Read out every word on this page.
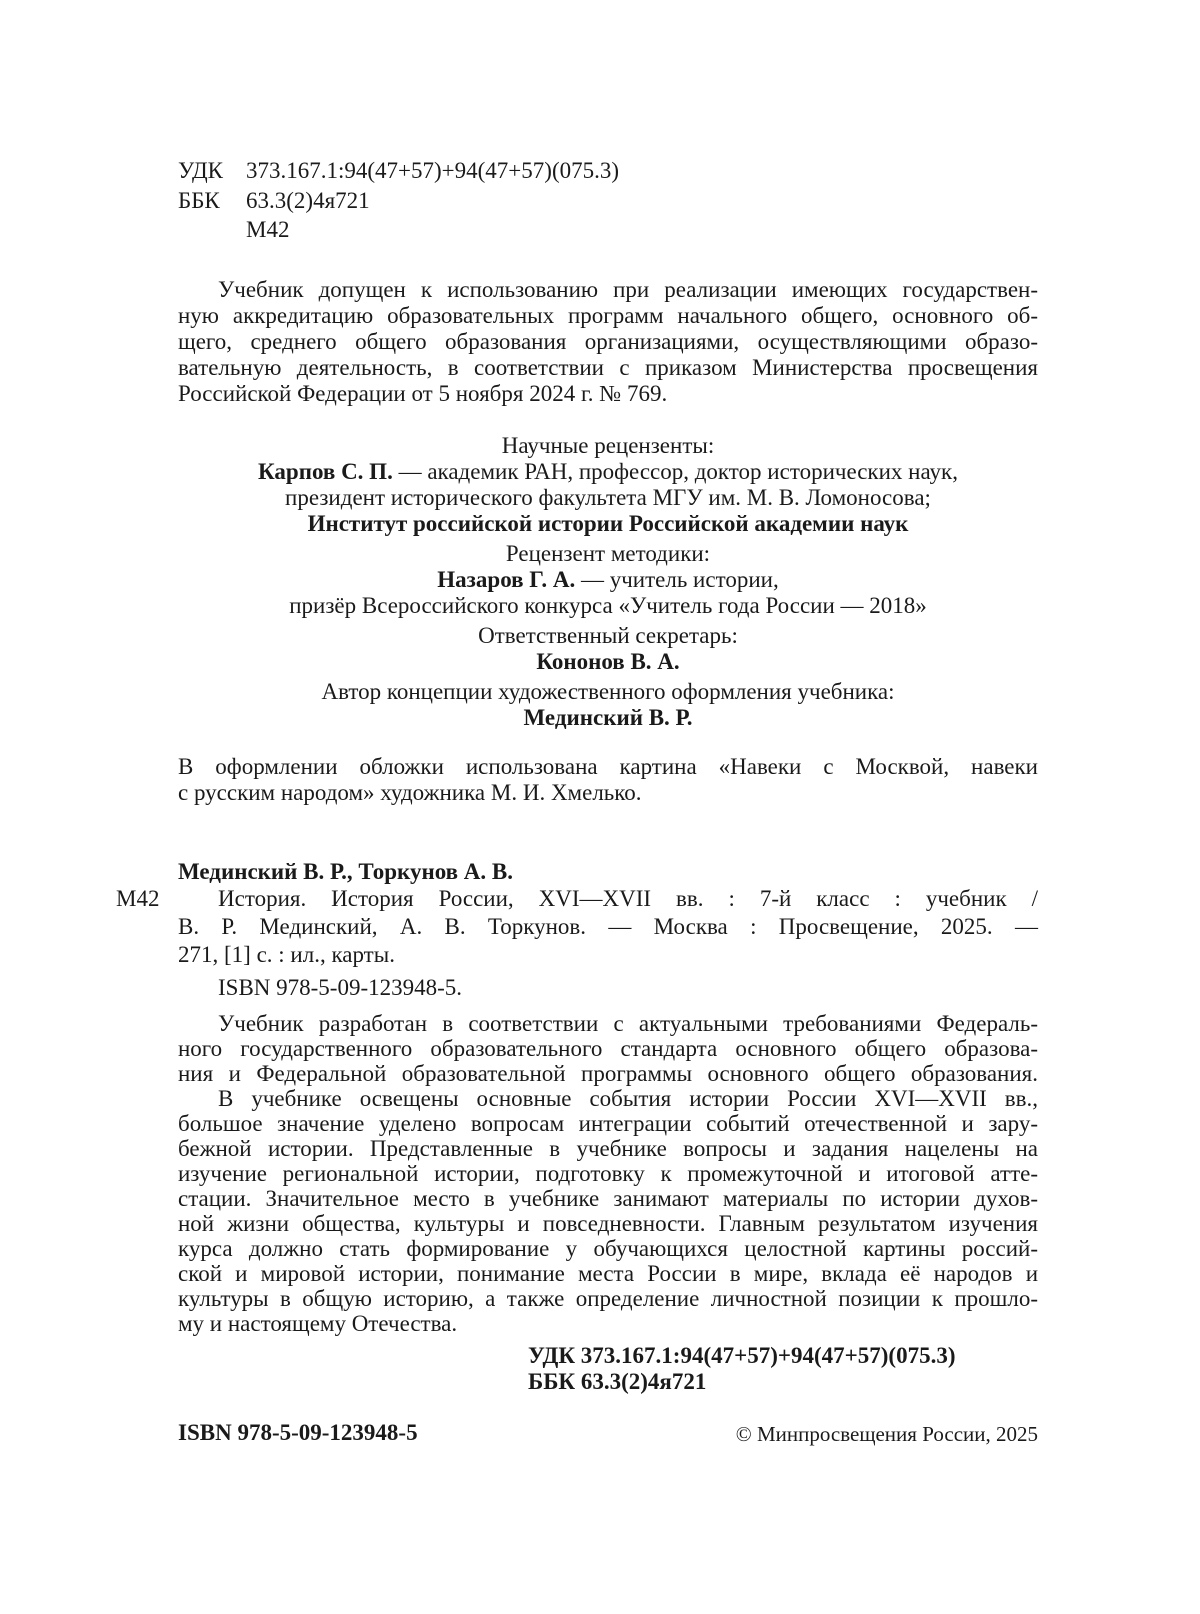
УДК 373.167.1:94(47+57)+94(47+57)(075.3)
ББК 63.3(2)4я721
М42
Учебник допущен к использованию при реализации имеющих государствен-
ную аккредитацию образовательных программ начального общего, основного об-
щего, среднего общего образования организациями, осуществляющими образо-
вательную деятельность, в соответствии с приказом Министерства просвещения
Российской Федерации от 5 ноября 2024 г. № 769.
Научные рецензенты:
Карпов С. П. — академик РАН, профессор, доктор исторических наук,
президент исторического факультета МГУ им. М. В. Ломоносова;
Институт российской истории Российской академии наук
Рецензент методики:
Назаров Г. А. — учитель истории,
призёр Всероссийского конкурса «Учитель года России — 2018»
Ответственный секретарь:
Кононов В. А.
Автор концепции художественного оформления учебника:
Мединский В. Р.
В оформлении обложки использована картина «Навеки с Москвой, навеки
с русским народом» художника М. И. Хмелько.
Мединский В. Р., Торкунов А. В.
М42	История. История России, XVI—XVII вв. : 7-й класс : учебник /
В. Р. Мединский, А. В. Торкунов. — Москва : Просвещение, 2025. —
271, [1] с. : ил., карты.
ISBN 978-5-09-123948-5.
Учебник разработан в соответствии с актуальными требованиями Федераль-
ного государственного образовательного стандарта основного общего образова-
ния и Федеральной образовательной программы основного общего образования.
В учебнике освещены основные события истории России XVI—XVII вв.,
большое значение уделено вопросам интеграции событий отечественной и зару-
бежной истории. Представленные в учебнике вопросы и задания нацелены на
изучение региональной истории, подготовку к промежуточной и итоговой атте-
стации. Значительное место в учебнике занимают материалы по истории духов-
ной жизни общества, культуры и повседневности. Главным результатом изучения
курса должно стать формирование у обучающихся целостной картины россий-
ской и мировой истории, понимание места России в мире, вклада её народов и
культуры в общую историю, а также определение личностной позиции к прошло-
му и настоящему Отечества.
УДК 373.167.1:94(47+57)+94(47+57)(075.3)
ББК 63.3(2)4я721
ISBN 978-5-09-123948-5	© Минпросвещения России, 2025
